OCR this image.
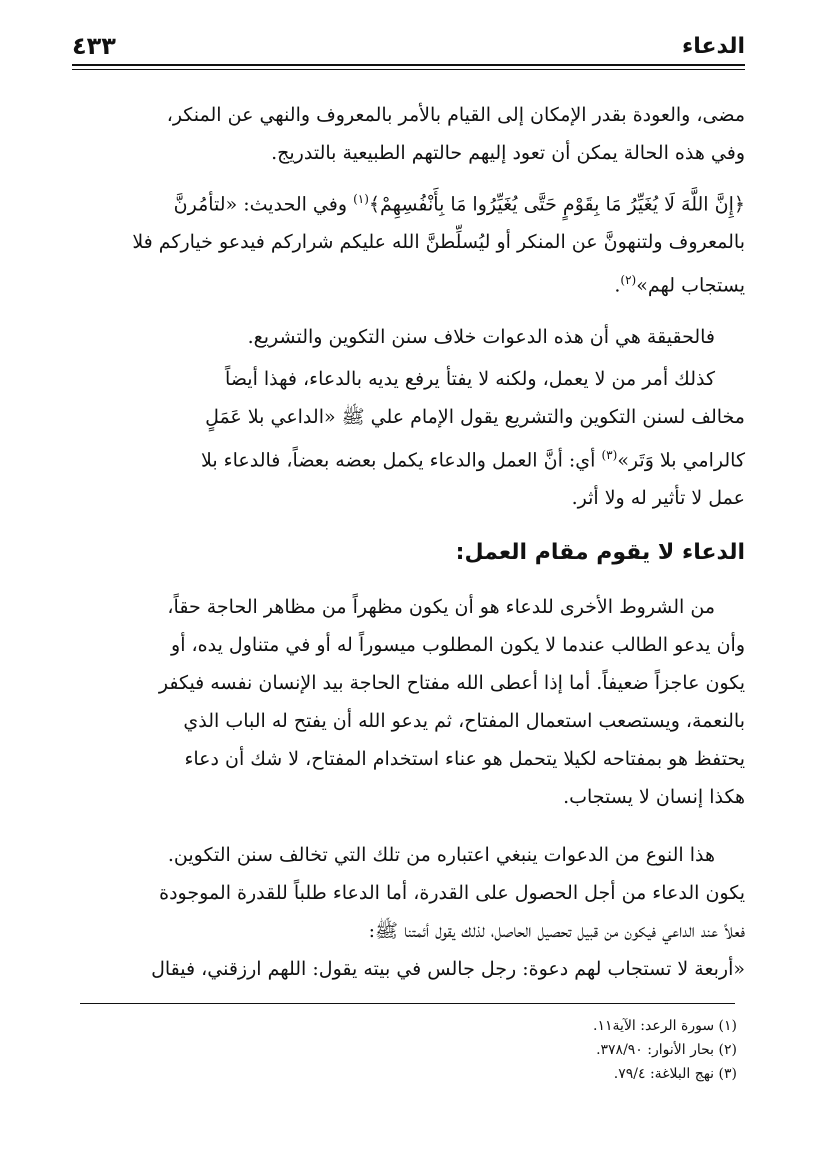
الدعاء
٤٣٣

مضى، والعودة بقدر الإمكان إلى القيام بالأمر بالمعروف والنهي عن المنكر،

وفي هذه الحالة يمكن أن تعود إليهم حالتهم الطبيعية بالتدريج.

﴿إِنَّ اللَّهَ لَا يُغَيِّرُ مَا بِقَوْمٍ حَتَّى يُغَيِّرُوا مَا بِأَنْفُسِهِمْ﴾$^{(١)}$ وفي الحديث: «لتأمُرنَّ

بالمعروف ولتنهونَّ عن المنكر أو ليُسلِّطنَّ الله عليكم شراركم فيدعو خياركم فلا

يستجاب لهم»$^{(٢)}$.

فالحقيقة هي أن هذه الدعوات خلاف سنن التكوين والتشريع.

كذلك أمر من لا يعمل، ولكنه لا يفتأ يرفع يديه بالدعاء، فهذا أيضاً

مخالف لسنن التكوين والتشريع يقول الإمام علي ﷺ «الداعي بلا عَمَلٍ

كالرامي بلا وَتَر»$^{(٣)}$ أي: أنَّ العمل والدعاء يكمل بعضه بعضاً، فالدعاء بلا

عمل لا تأثير له ولا أثر.

الدعاء لا يقوم مقام العمل:

من الشروط الأخرى للدعاء هو أن يكون مظهراً من مظاهر الحاجة حقاً،

وأن يدعو الطالب عندما لا يكون المطلوب ميسوراً له أو في متناول يده، أو

يكون عاجزاً ضعيفاً. أما إذا أعطى الله مفتاح الحاجة بيد الإنسان نفسه فيكفر

بالنعمة، ويستصعب استعمال المفتاح، ثم يدعو الله أن يفتح له الباب الذي

يحتفظ هو بمفتاحه لكيلا يتحمل هو عناء استخدام المفتاح، لا شك أن دعاء

هكذا إنسان لا يستجاب.

هذا النوع من الدعوات ينبغي اعتباره من تلك التي تخالف سنن التكوين.

يكون الدعاء من أجل الحصول على القدرة، أما الدعاء طلباً للقدرة الموجودة

فعلاً عند الداعي فيكون من قبيل تحصيل الحاصل، لذلك يقول أئمتنا ﷺ:

«أربعة لا تستجاب لهم دعوة: رجل جالس في بيته يقول: اللهم ارزقني، فيقال

(١) سورة الرعد: الآية١١.
(٢) بحار الأنوار: ٣٧٨/٩٠.
(٣) نهج البلاغة: ٧٩/٤.
